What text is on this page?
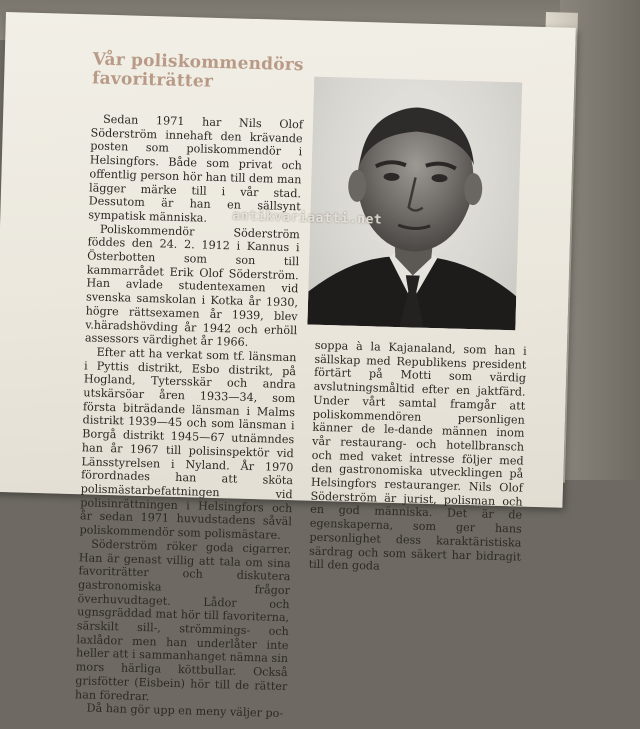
Vår poliskommendörs favoriträtter

Sedan 1971 har Nils Olof Söderström innehaft den krävande posten som poliskommendör i Helsingfors. Både som privat och offentlig person hör han till dem man lägger märke till i vår stad. Dessutom är han en sällsynt sympatisk människa.

Poliskommendör Söderström föddes den 24. 2. 1912 i Kannus i Österbotten som son till kammarrådet Erik Olof Söderström. Han avlade studentexamen vid svenska samskolan i Kotka år 1930, högre rättsexamen år 1939, blev v.häradshövding år 1942 och erhöll assessors värdighet år 1966.

Efter att ha verkat som tf. länsman i Pyttis distrikt, Esbo distrikt, på Hogland, Tytersskär och andra utskärsöar åren 1933—34, som första biträdande länsman i Malms distrikt 1939—45 och som länsman i Borgå distrikt 1945—67 utnämndes han år 1967 till polisinspektör vid Länsstyrelsen i Nyland. År 1970 förordnades han att sköta polismästarbefattningen vid polisinrättningen i Helsingfors och år sedan 1971 huvudstadens såväl poliskommendör som polismästare.

Söderström röker goda cigarrer. Han är genast villig att tala om sina favoriträtter och diskutera gastronomiska frågor överhuvudtaget. Lådor och ugnsgräddad mat hör till favoriterna, särskilt sill-, strömmings- och laxlådor men han underlåter inte heller att i sammanhanget nämna sin mors härliga köttbullar. Också grisfötter (Eisbein) hör till de rätter han föredrar.

Då han gör upp en meny väljer po-

soppa à la Kajanaland, som han i sällskap med Republikens president förtärt på Motti som värdig avslutningsmåltid efter en jaktfärd. Under vårt samtal framgår att poliskommendören personligen känner de le-dande männen inom vår restaurang- och hotellbransch och med vaket intresse följer med den gastronomiska utvecklingen på Helsingfors restauranger. Nils Olof Söderström är jurist, polisman och en god människa. Det är de egenskaperna, som ger hans personlighet dess karaktäristiska särdrag och som säkert har bidragit till den goda

antikvariaatti.net
